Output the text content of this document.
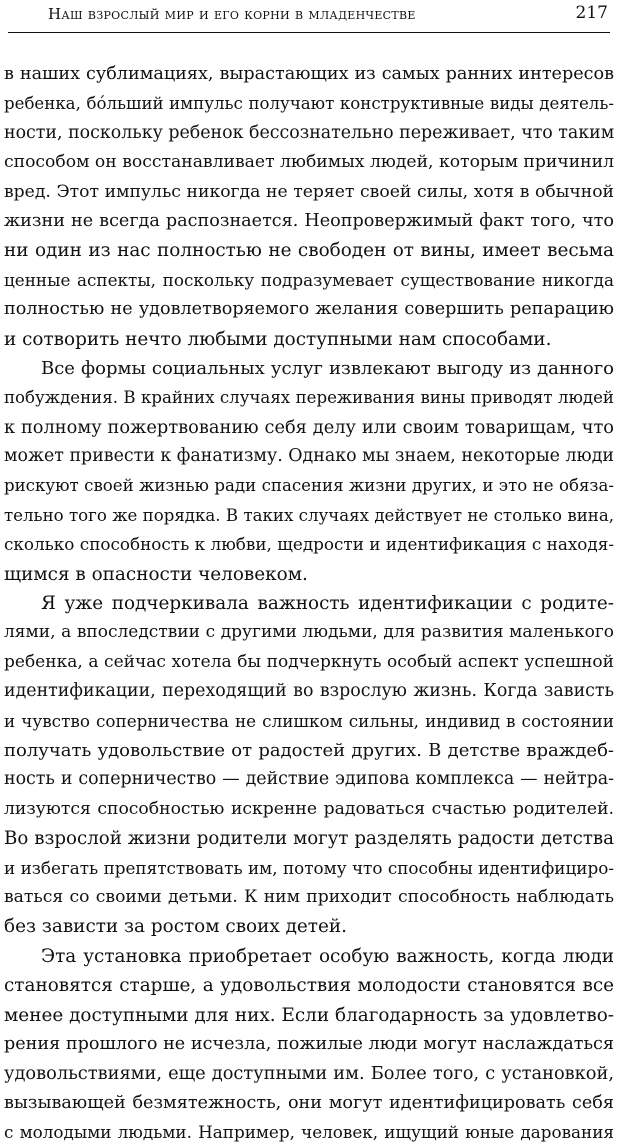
Наш взрослый мир и его корни в младенчестве	217
в наших сублимациях, вырастающих из самых ранних интересов
ребенка, бóльший импульс получают конструктивные виды деятель-
ности, поскольку ребенок бессознательно переживает, что таким
способом он восстанавливает любимых людей, которым причинил
вред. Этот импульс никогда не теряет своей силы, хотя в обычной
жизни не всегда распознается. Неопровержимый факт того, что
ни один из нас полностью не свободен от вины, имеет весьма
ценные аспекты, поскольку подразумевает существование никогда
полностью не удовлетворяемого желания совершить репарацию
и сотворить нечто любыми доступными нам способами.
Все формы социальных услуг извлекают выгоду из данного
побуждения. В крайних случаях переживания вины приводят людей
к полному пожертвованию себя делу или своим товарищам, что
может привести к фанатизму. Однако мы знаем, некоторые люди
рискуют своей жизнью ради спасения жизни других, и это не обяза-
тельно того же порядка. В таких случаях действует не столько вина,
сколько способность к любви, щедрости и идентификация с находя-
щимся в опасности человеком.
Я уже подчеркивала важность идентификации с родите-
лями, а впоследствии с другими людьми, для развития маленького
ребенка, а сейчас хотела бы подчеркнуть особый аспект успешной
идентификации, переходящий во взрослую жизнь. Когда зависть
и чувство соперничества не слишком сильны, индивид в состоянии
получать удовольствие от радостей других. В детстве враждеб-
ность и соперничество — действие эдипова комплекса — нейтра-
лизуются способностью искренне радоваться счастью родителей.
Во взрослой жизни родители могут разделять радости детства
и избегать препятствовать им, потому что способны идентифициро-
ваться со своими детьми. К ним приходит способность наблюдать
без зависти за ростом своих детей.
Эта установка приобретает особую важность, когда люди
становятся старше, а удовольствия молодости становятся все
менее доступными для них. Если благодарность за удовлетво-
рения прошлого не исчезла, пожилые люди могут наслаждаться
удовольствиями, еще доступными им. Более того, с установкой,
вызывающей безмятежность, они могут идентифицировать себя
с молодыми людьми. Например, человек, ищущий юные дарования
